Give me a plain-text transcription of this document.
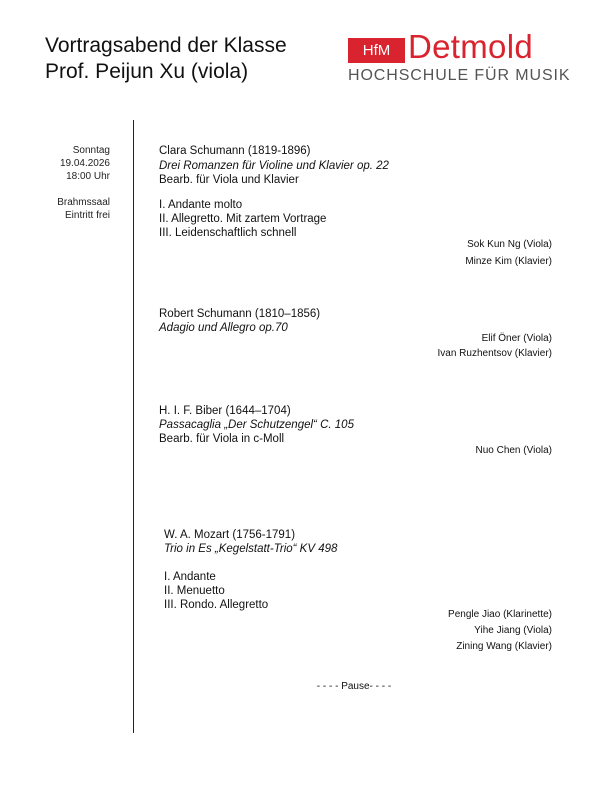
Vortragsabend der Klasse
Prof. Peijun Xu (viola)
HfM Detmold
HOCHSCHULE FÜR MUSIK
Sonntag
19.04.2026
18:00 Uhr
Brahmssaal
Eintritt frei
Clara Schumann (1819-1896)
Drei Romanzen für Violine und Klavier op. 22
Bearb. für Viola und Klavier
I. Andante molto
II. Allegretto. Mit zartem Vortrage
III. Leidenschaftlich schnell
Sok Kun Ng (Viola)
Minze Kim (Klavier)
Robert Schumann (1810–1856)
Adagio und Allegro op.70
Elif Öner (Viola)
Ivan Ruzhentsov (Klavier)
H. I. F. Biber (1644–1704)
Passacaglia „Der Schutzengel“ C. 105
Bearb. für Viola in c-Moll
Nuo Chen (Viola)
W. A. Mozart (1756-1791)
Trio in Es „Kegelstatt-Trio“ KV 498
I. Andante
II. Menuetto
III. Rondo. Allegretto
Pengle Jiao (Klarinette)
Yihe Jiang (Viola)
Zining Wang (Klavier)
- - - - Pause- - - -
